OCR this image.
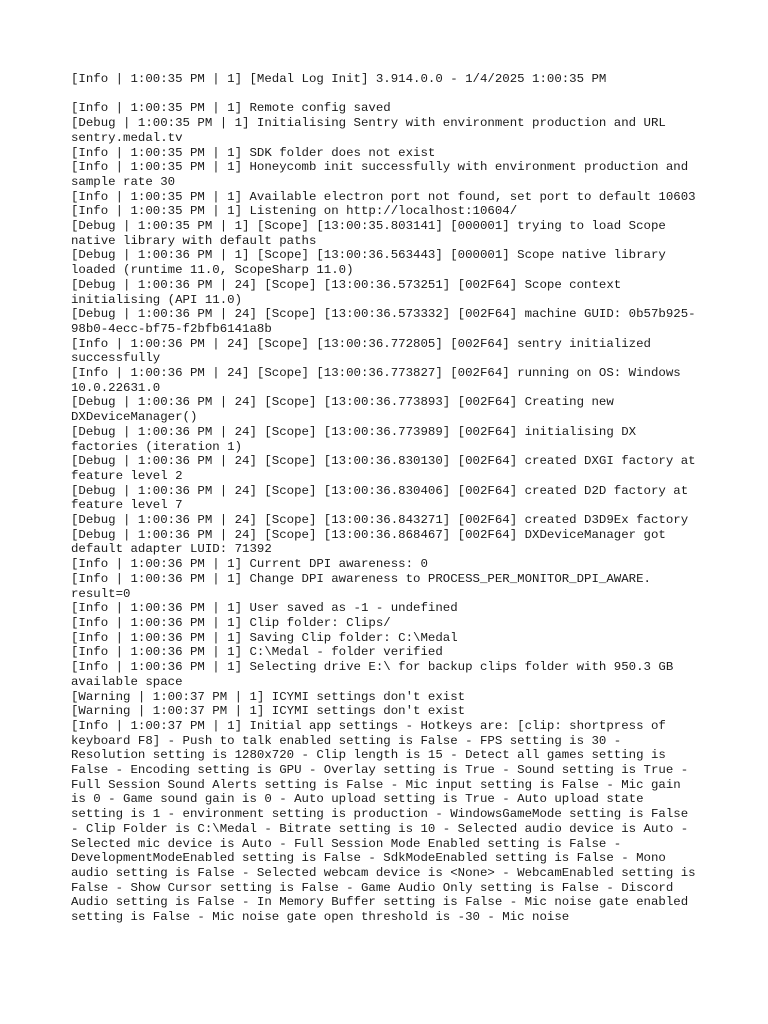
[Info | 1:00:35 PM | 1] [Medal Log Init] 3.914.0.0 - 1/4/2025 1:00:35 PM

[Info | 1:00:35 PM | 1] Remote config saved

[Debug | 1:00:35 PM | 1] Initialising Sentry with environment production and URL sentry.medal.tv

[Info | 1:00:35 PM | 1] SDK folder does not exist

[Info | 1:00:35 PM | 1] Honeycomb init successfully with environment production and sample rate 30

[Info | 1:00:35 PM | 1] Available electron port not found, set port to default 10603

[Info | 1:00:35 PM | 1] Listening on http://localhost:10604/

[Debug | 1:00:35 PM | 1] [Scope] [13:00:35.803141] [000001] trying to load Scope native library with default paths

[Debug | 1:00:36 PM | 1] [Scope] [13:00:36.563443] [000001] Scope native library loaded (runtime 11.0, ScopeSharp 11.0)

[Debug | 1:00:36 PM | 24] [Scope] [13:00:36.573251] [002F64] Scope context initialising (API 11.0)

[Debug | 1:00:36 PM | 24] [Scope] [13:00:36.573332] [002F64] machine GUID: 0b57b925-98b0-4ecc-bf75-f2bfb6141a8b

[Info | 1:00:36 PM | 24] [Scope] [13:00:36.772805] [002F64] sentry initialized successfully

[Info | 1:00:36 PM | 24] [Scope] [13:00:36.773827] [002F64] running on OS: Windows 10.0.22631.0

[Debug | 1:00:36 PM | 24] [Scope] [13:00:36.773893] [002F64] Creating new DXDeviceManager()

[Debug | 1:00:36 PM | 24] [Scope] [13:00:36.773989] [002F64] initialising DX factories (iteration 1)

[Debug | 1:00:36 PM | 24] [Scope] [13:00:36.830130] [002F64] created DXGI factory at feature level 2

[Debug | 1:00:36 PM | 24] [Scope] [13:00:36.830406] [002F64] created D2D factory at feature level 7

[Debug | 1:00:36 PM | 24] [Scope] [13:00:36.843271] [002F64] created D3D9Ex factory

[Debug | 1:00:36 PM | 24] [Scope] [13:00:36.868467] [002F64] DXDeviceManager got default adapter LUID: 71392

[Info | 1:00:36 PM | 1] Current DPI awareness: 0

[Info | 1:00:36 PM | 1] Change DPI awareness to PROCESS_PER_MONITOR_DPI_AWARE. result=0

[Info | 1:00:36 PM | 1] User saved as -1 - undefined

[Info | 1:00:36 PM | 1] Clip folder: Clips/

[Info | 1:00:36 PM | 1] Saving Clip folder: C:\Medal

[Info | 1:00:36 PM | 1] C:\Medal - folder verified

[Info | 1:00:36 PM | 1] Selecting drive E:\ for backup clips folder with 950.3 GB available space

[Warning | 1:00:37 PM | 1] ICYMI settings don't exist

[Warning | 1:00:37 PM | 1] ICYMI settings don't exist

[Info | 1:00:37 PM | 1] Initial app settings - Hotkeys are: [clip: shortpress of keyboard F8] - Push to talk enabled setting is False - FPS setting is 30 - Resolution setting is 1280x720 - Clip length is 15 - Detect all games setting is False - Encoding setting is GPU - Overlay setting is True - Sound setting is True - Full Session Sound Alerts setting is False - Mic input setting is False - Mic gain is 0 - Game sound gain is 0 - Auto upload setting is True - Auto upload state setting is 1 - environment setting is production - WindowsGameMode setting is False - Clip Folder is C:\Medal - Bitrate setting is 10 - Selected audio device is Auto - Selected mic device is Auto - Full Session Mode Enabled setting is False - DevelopmentModeEnabled setting is False - SdkModeEnabled setting is False - Mono audio setting is False - Selected webcam device is <None> - WebcamEnabled setting is False - Show Cursor setting is False - Game Audio Only setting is False - Discord Audio setting is False - In Memory Buffer setting is False - Mic noise gate enabled setting is False - Mic noise gate open threshold is -30 - Mic noise
